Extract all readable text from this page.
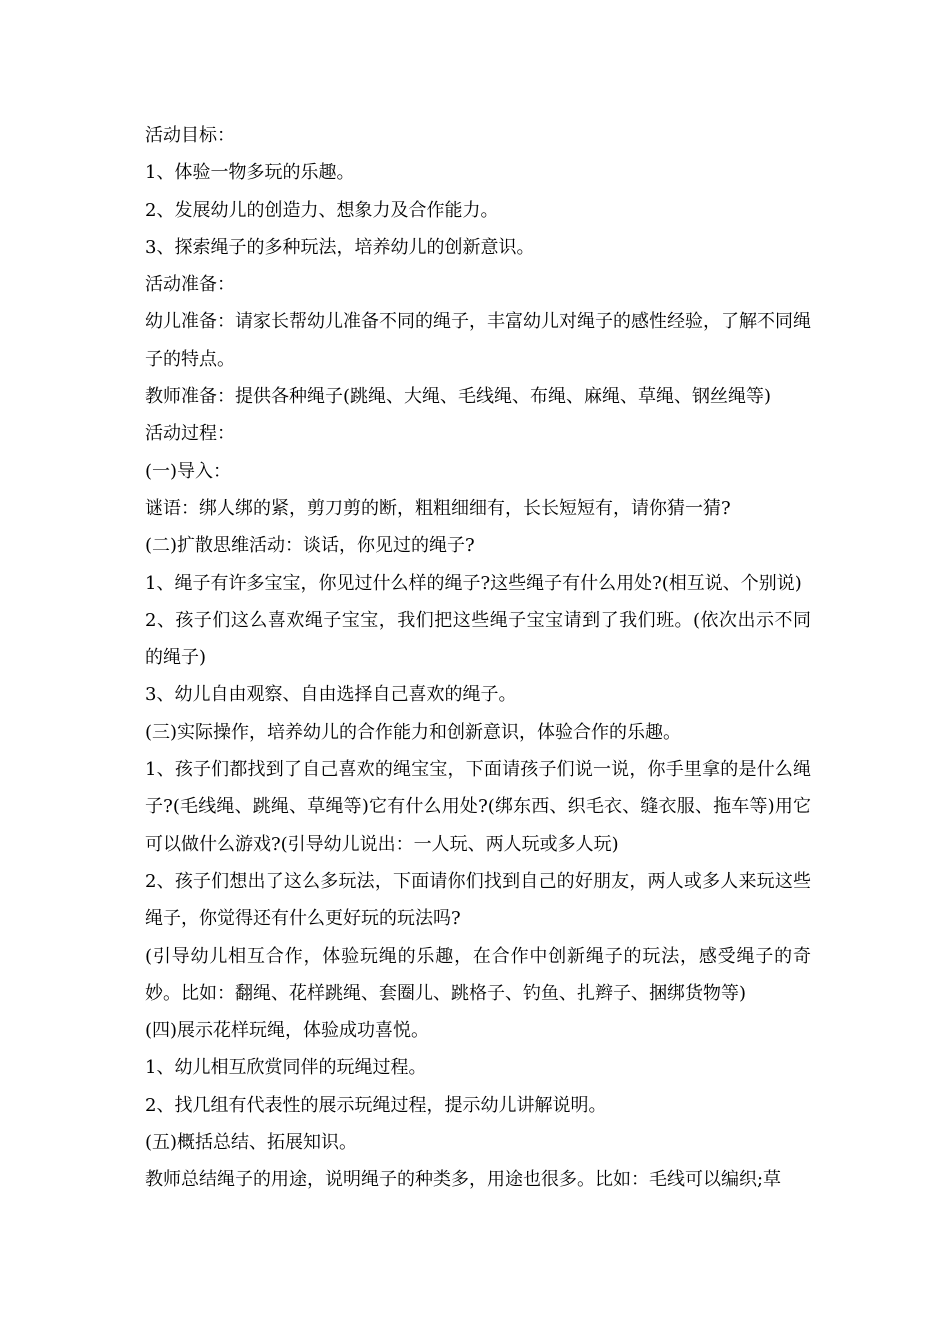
活动目标：

1、体验一物多玩的乐趣。

2、发展幼儿的创造力、想象力及合作能力。

3、探索绳子的多种玩法，培养幼儿的创新意识。

活动准备：

幼儿准备：请家长帮幼儿准备不同的绳子，丰富幼儿对绳子的感性经验，了解不同绳子的特点。

教师准备：提供各种绳子(跳绳、大绳、毛线绳、布绳、麻绳、草绳、钢丝绳等)

活动过程：

(一)导入：

谜语：绑人绑的紧，剪刀剪的断，粗粗细细有，长长短短有，请你猜一猜?

(二)扩散思维活动：谈话，你见过的绳子?

1、绳子有许多宝宝，你见过什么样的绳子?这些绳子有什么用处?(相互说、个别说)

2、孩子们这么喜欢绳子宝宝，我们把这些绳子宝宝请到了我们班。(依次出示不同的绳子)

3、幼儿自由观察、自由选择自己喜欢的绳子。

(三)实际操作，培养幼儿的合作能力和创新意识，体验合作的乐趣。

1、孩子们都找到了自己喜欢的绳宝宝，下面请孩子们说一说，你手里拿的是什么绳子?(毛线绳、跳绳、草绳等)它有什么用处?(绑东西、织毛衣、缝衣服、拖车等)用它可以做什么游戏?(引导幼儿说出：一人玩、两人玩或多人玩)

2、孩子们想出了这么多玩法，下面请你们找到自己的好朋友，两人或多人来玩这些绳子，你觉得还有什么更好玩的玩法吗?

(引导幼儿相互合作，体验玩绳的乐趣，在合作中创新绳子的玩法，感受绳子的奇妙。比如：翻绳、花样跳绳、套圈儿、跳格子、钓鱼、扎辫子、捆绑货物等)

(四)展示花样玩绳，体验成功喜悦。

1、幼儿相互欣赏同伴的玩绳过程。

2、找几组有代表性的展示玩绳过程，提示幼儿讲解说明。

(五)概括总结、拓展知识。

教师总结绳子的用途，说明绳子的种类多，用途也很多。比如：毛线可以编织;草
